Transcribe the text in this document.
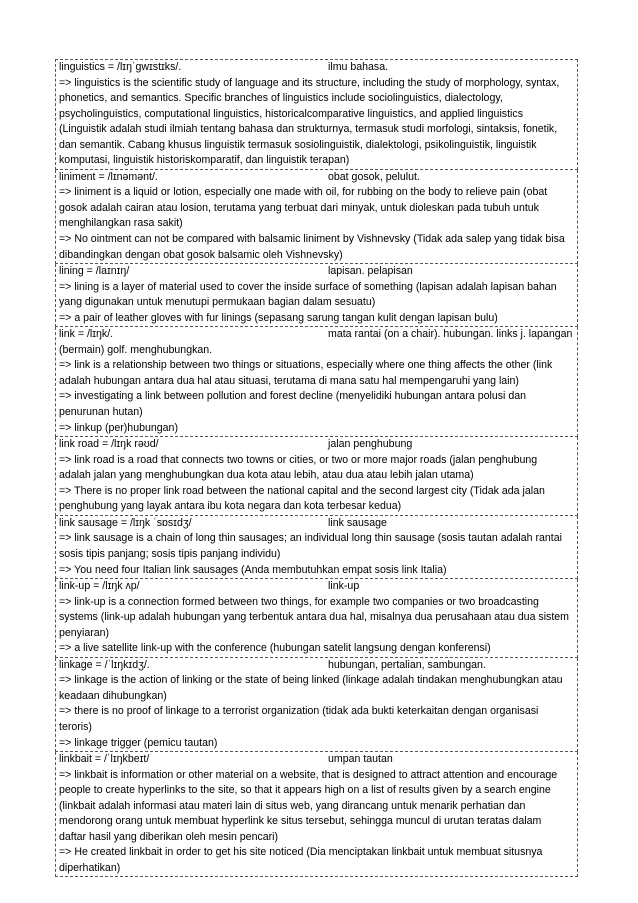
linguistics = /lɪŋˈɡwɪstɪks/.	ilmu bahasa.
=> linguistics is the scientific study of language and its structure, including the study of morphology, syntax,
phonetics, and semantics. Specific branches of linguistics include sociolinguistics, dialectology,
psycholinguistics, computational linguistics, historicalcomparative linguistics, and applied linguistics
(Linguistik adalah studi ilmiah tentang bahasa dan strukturnya, termasuk studi morfologi, sintaksis, fonetik,
dan semantik. Cabang khusus linguistik termasuk sosiolinguistik, dialektologi, psikolinguistik, linguistik
komputasi, linguistik historiskomparatif, dan linguistik terapan)
liniment = /lɪnəmənt/.	obat gosok, pelulut.
=> liniment is a liquid or lotion, especially one made with oil, for rubbing on the body to relieve pain (obat
gosok adalah cairan atau losion, terutama yang terbuat dari minyak, untuk dioleskan pada tubuh untuk
menghilangkan rasa sakit)
=> No ointment can not be compared with balsamic liniment by Vishnevsky (Tidak ada salep yang tidak bisa
dibandingkan dengan obat gosok balsamic oleh Vishnevsky)
lining = /laɪnɪŋ/	lapisan. pelapisan
=> lining is a layer of material used to cover the inside surface of something (lapisan adalah lapisan bahan
yang digunakan untuk menutupi permukaan bagian dalam sesuatu)
=> a pair of leather gloves with fur linings (sepasang sarung tangan kulit dengan lapisan bulu)
link = /lɪŋk/.	mata rantai (on a chair). hubungan. links j. lapangan
(bermain) golf. menghubungkan.
=> link is a relationship between two things or situations, especially where one thing affects the other (link
adalah hubungan antara dua hal atau situasi, terutama di mana satu hal mempengaruhi yang lain)
=> investigating a link between pollution and forest decline (menyelidiki hubungan antara polusi dan
penurunan hutan)
=> linkup (per)hubungan)
link road = /lɪŋk rəʊd/	jalan penghubung
=> link road is a road that connects two towns or cities, or two or more major roads (jalan penghubung
adalah jalan yang menghubungkan dua kota atau lebih, atau dua atau lebih jalan utama)
=> There is no proper link road between the national capital and the second largest city (Tidak ada jalan
penghubung yang layak antara ibu kota negara dan kota terbesar kedua)
link sausage = /lɪŋk ˈsɒsɪdʒ/	link sausage
=> link sausage is a chain of long thin sausages; an individual long thin sausage (sosis tautan adalah rantai
sosis tipis panjang; sosis tipis panjang individu)
=> You need four Italian link sausages (Anda membutuhkan empat sosis link Italia)
link-up = /lɪŋk ʌp/	link-up
=> link-up is a connection formed between two things, for example two companies or two broadcasting
systems (link-up adalah hubungan yang terbentuk antara dua hal, misalnya dua perusahaan atau dua sistem
penyiaran)
=> a live satellite link-up with the conference (hubungan satelit langsung dengan konferensi)
linkage = /ˈlɪŋkɪdʒ/.	hubungan, pertalian, sambungan.
=> linkage is the action of linking or the state of being linked (linkage adalah tindakan menghubungkan atau
keadaan dihubungkan)
=> there is no proof of linkage to a terrorist organization (tidak ada bukti keterkaitan dengan organisasi
teroris)
=> linkage trigger (pemicu tautan)
linkbait = /ˈlɪŋkbeɪt/	umpan tautan
=> linkbait is information or other material on a website, that is designed to attract attention and encourage
people to create hyperlinks to the site, so that it appears high on a list of results given by a search engine
(linkbait adalah informasi atau materi lain di situs web, yang dirancang untuk menarik perhatian dan
mendorong orang untuk membuat hyperlink ke situs tersebut, sehingga muncul di urutan teratas dalam
daftar hasil yang diberikan oleh mesin pencari)
=> He created linkbait in order to get his site noticed (Dia menciptakan linkbait untuk membuat situsnya
diperhatikan)
